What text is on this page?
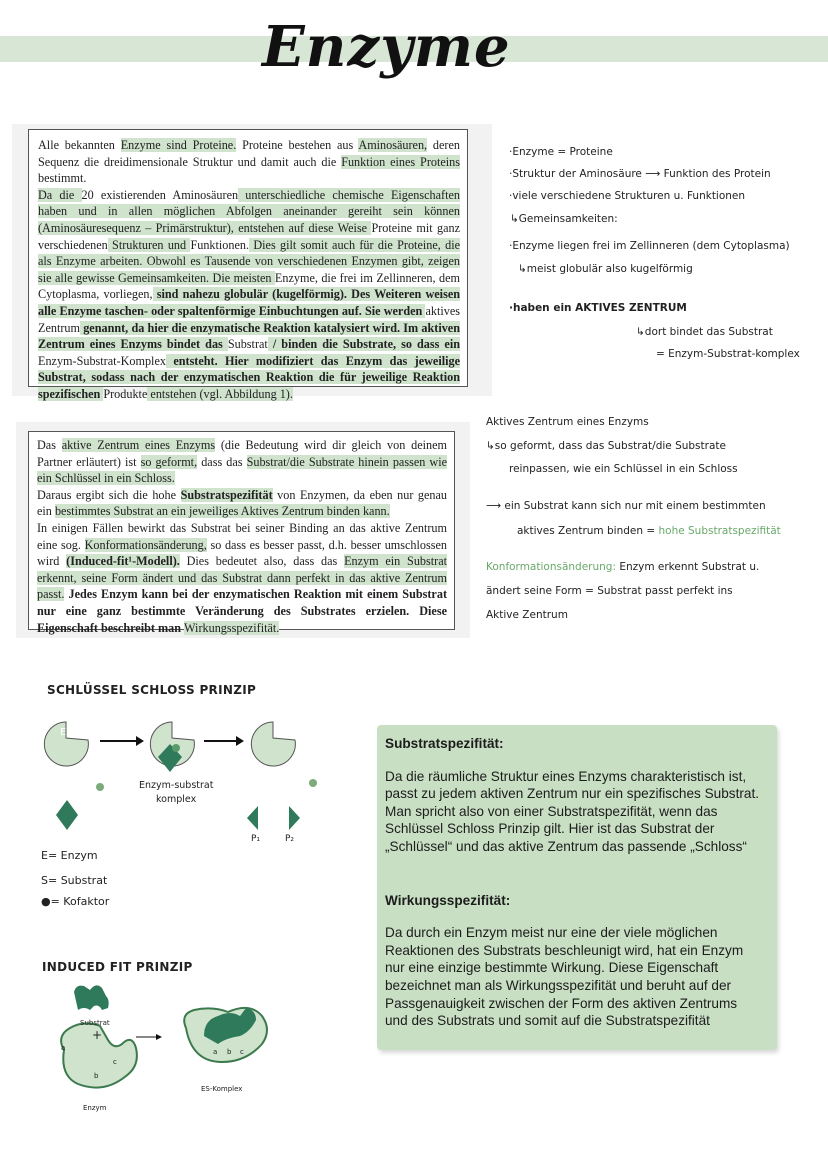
Enzyme

Alle bekannten Enzyme sind Proteine. Proteine bestehen aus Aminosäuren, deren Sequenz die dreidimensionale Struktur und damit auch die Funktion eines Proteins bestimmt.
Da die 20 existierenden Aminosäuren unterschiedliche chemische Eigenschaften haben und in allen möglichen Abfolgen aneinander gereiht sein können (Aminosäuresequenz – Primärstruktur), entstehen auf diese Weise Proteine mit ganz verschiedenen Strukturen und Funktionen. Dies gilt somit auch für die Proteine, die als Enzyme arbeiten. Obwohl es Tausende von verschiedenen Enzymen gibt, zeigen sie alle gewisse Gemeinsamkeiten. Die meisten Enzyme, die frei im Zellinneren, dem Cytoplasma, vorliegen, sind nahezu globulär (kugelförmig). Des Weiteren weisen alle Enzyme taschen- oder spaltenförmige Einbuchtungen auf. Sie werden aktives Zentrum genannt, da hier die enzymatische Reaktion katalysiert wird. Im aktiven Zentrum eines Enzyms bindet das Substrat / binden die Substrate, so dass ein Enzym-Substrat-Komplex entsteht. Hier modifiziert das Enzym das jeweilige Substrat, sodass nach der enzymatischen Reaktion die für jeweilige Reaktion spezifischen Produkte entstehen (vgl. Abbildung 1).

Das aktive Zentrum eines Enzyms (die Bedeutung wird dir gleich von deinem Partner erläutert) ist so geformt, dass das Substrat/die Substrate hinein passen wie ein Schlüssel in ein Schloss.
Daraus ergibt sich die hohe Substratspezifität von Enzymen, da eben nur genau ein bestimmtes Substrat an ein jeweiliges Aktives Zentrum binden kann.
In einigen Fällen bewirkt das Substrat bei seiner Binding an das aktive Zentrum eine sog. Konformationsänderung, so dass es besser passt, d.h. besser umschlossen wird (Induced-fit¹-Modell). Dies bedeutet also, dass das Enzym ein Substrat erkennt, seine Form ändert und das Substrat dann perfekt in das aktive Zentrum passt. Jedes Enzym kann bei der enzymatischen Reaktion mit einem Substrat nur eine ganz bestimmte Veränderung des Substrates erzielen. Diese Eigenschaft beschreibt man Wirkungsspezifität.

·Enzyme = Proteine
·Struktur der Aminosäure ⟶ Funktion des Protein
·viele verschiedene Strukturen u. Funktionen
↳Gemeinsamkeiten:
·Enzyme liegen frei im Zellinneren (dem Cytoplasma)
↳meist globulär also kugelförmig
·haben ein AKTIVES ZENTRUM
↳dort bindet das Substrat
= Enzym-Substrat-komplex
Aktives Zentrum eines Enzyms
↳so geformt, dass das Substrat/die Substrate
reinpassen, wie ein Schlüssel in ein Schloss
⟶ ein Substrat kann sich nur mit einem bestimmten
aktives Zentrum binden = hohe Substratspezifität
Konformationsänderung: Enzym erkennt Substrat u.
ändert seine Form = Substrat passt perfekt ins
Aktive Zentrum
SCHLÜSSEL SCHLOSS PRINZIP
E
Enzym-substrat
komplex
P₁	P₂
E= Enzym
S= Substrat
●= Kofaktor
INDUCED FIT PRINZIP
Substrat
+
Enzym
ES-Komplex
a
b
c
a b c
Substratspezifität:

Da die räumliche Struktur eines Enzyms charakteristisch ist, passt zu jedem aktiven Zentrum nur ein spezifisches Substrat. Man spricht also von einer Substratspezifität, wenn das Schlüssel Schloss Prinzip gilt. Hier ist das Substrat der „Schlüssel“ und das aktive Zentrum das passende „Schloss“

Wirkungsspezifität:

Da durch ein Enzym meist nur eine der viele möglichen Reaktionen des Substrats beschleunigt wird, hat ein Enzym nur eine einzige bestimmte Wirkung. Diese Eigenschaft bezeichnet man als Wirkungsspezifität und beruht auf der Passgenauigkeit zwischen der Form des aktiven Zentrums und des Substrats und somit auf die Substratspezifität
